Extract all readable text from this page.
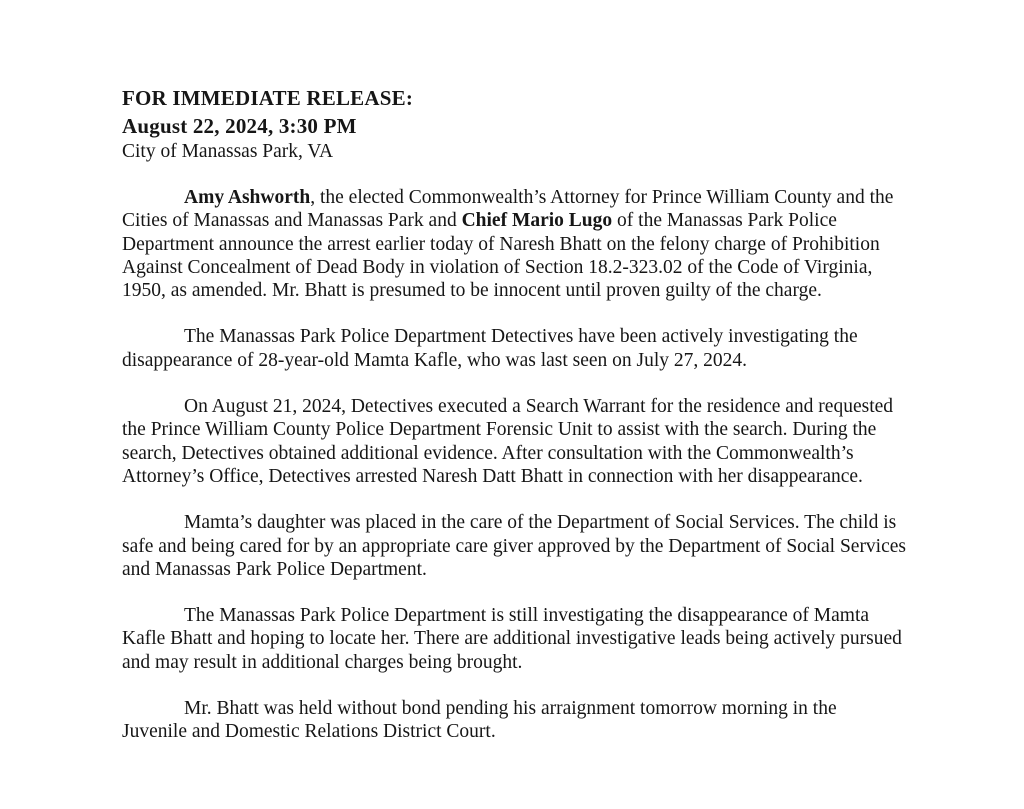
FOR IMMEDIATE RELEASE:
August 22, 2024, 3:30 PM
City of Manassas Park, VA

Amy Ashworth, the elected Commonwealth’s Attorney for Prince William County and the Cities of Manassas and Manassas Park and Chief Mario Lugo of the Manassas Park Police Department announce the arrest earlier today of Naresh Bhatt on the felony charge of Prohibition Against Concealment of Dead Body in violation of Section 18.2-323.02 of the Code of Virginia, 1950, as amended. Mr. Bhatt is presumed to be innocent until proven guilty of the charge.

The Manassas Park Police Department Detectives have been actively investigating the disappearance of 28-year-old Mamta Kafle, who was last seen on July 27, 2024.

On August 21, 2024, Detectives executed a Search Warrant for the residence and requested the Prince William County Police Department Forensic Unit to assist with the search. During the search, Detectives obtained additional evidence. After consultation with the Commonwealth’s Attorney’s Office, Detectives arrested Naresh Datt Bhatt in connection with her disappearance.

Mamta’s daughter was placed in the care of the Department of Social Services. The child is safe and being cared for by an appropriate care giver approved by the Department of Social Services and Manassas Park Police Department.

The Manassas Park Police Department is still investigating the disappearance of Mamta Kafle Bhatt and hoping to locate her. There are additional investigative leads being actively pursued and may result in additional charges being brought.

Mr. Bhatt was held without bond pending his arraignment tomorrow morning in the Juvenile and Domestic Relations District Court.
